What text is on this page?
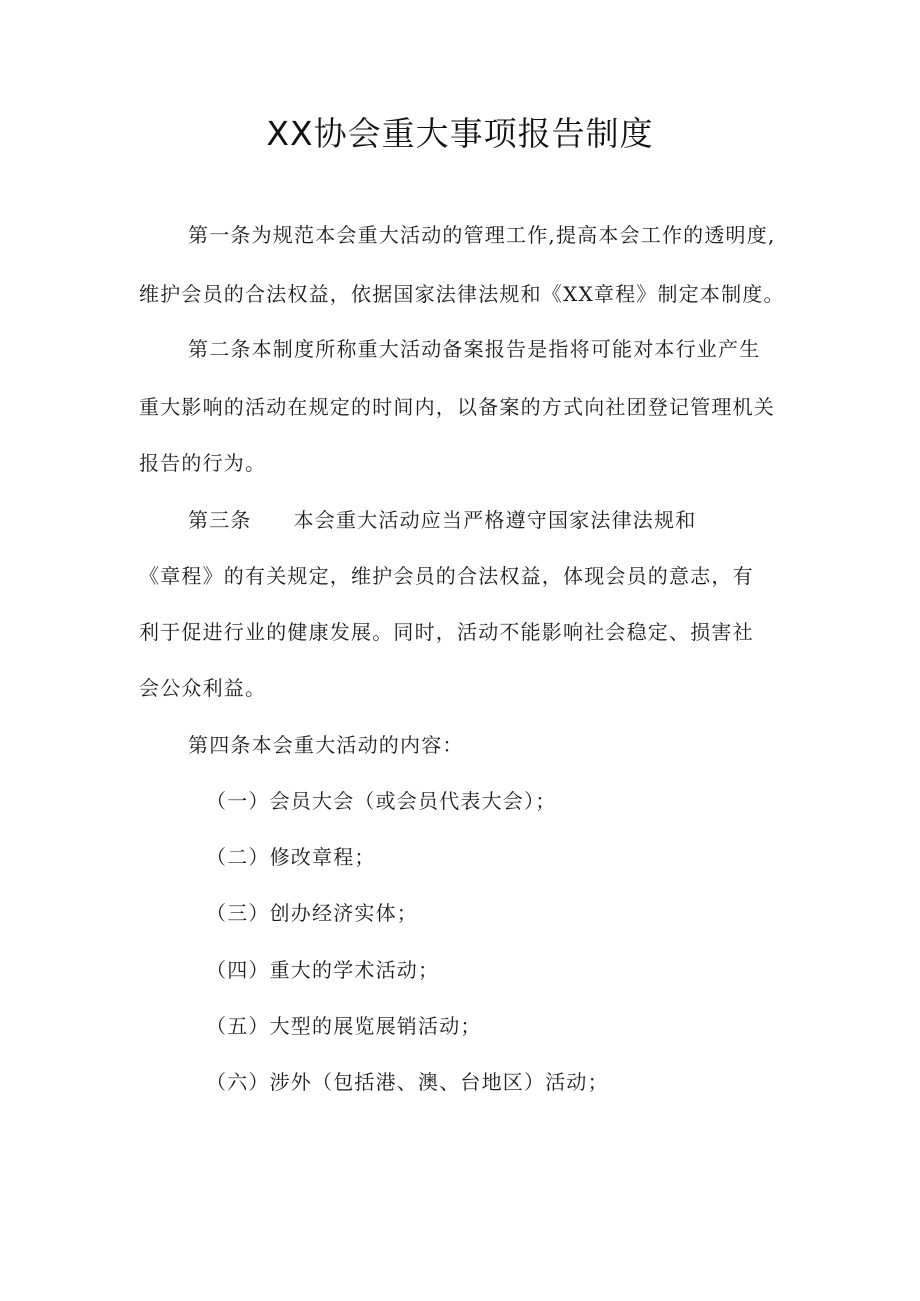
XX协会重大事项报告制度
第一条为规范本会重大活动的管理工作,提高本会工作的透明度,
维护会员的合法权益，依据国家法律法规和《XX章程》制定本制度。
第二条本制度所称重大活动备案报告是指将可能对本行业产生
重大影响的活动在规定的时间内，以备案的方式向社团登记管理机关
报告的行为。
第三条 本会重大活动应当严格遵守国家法律法规和
《章程》的有关规定，维护会员的合法权益，体现会员的意志，有
利于促进行业的健康发展。同时，活动不能影响社会稳定、损害社
会公众利益。
第四条本会重大活动的内容：
（一）会员大会（或会员代表大会）；
（二）修改章程；
（三）创办经济实体；
（四）重大的学术活动；
（五）大型的展览展销活动；
（六）涉外（包括港、澳、台地区）活动；
